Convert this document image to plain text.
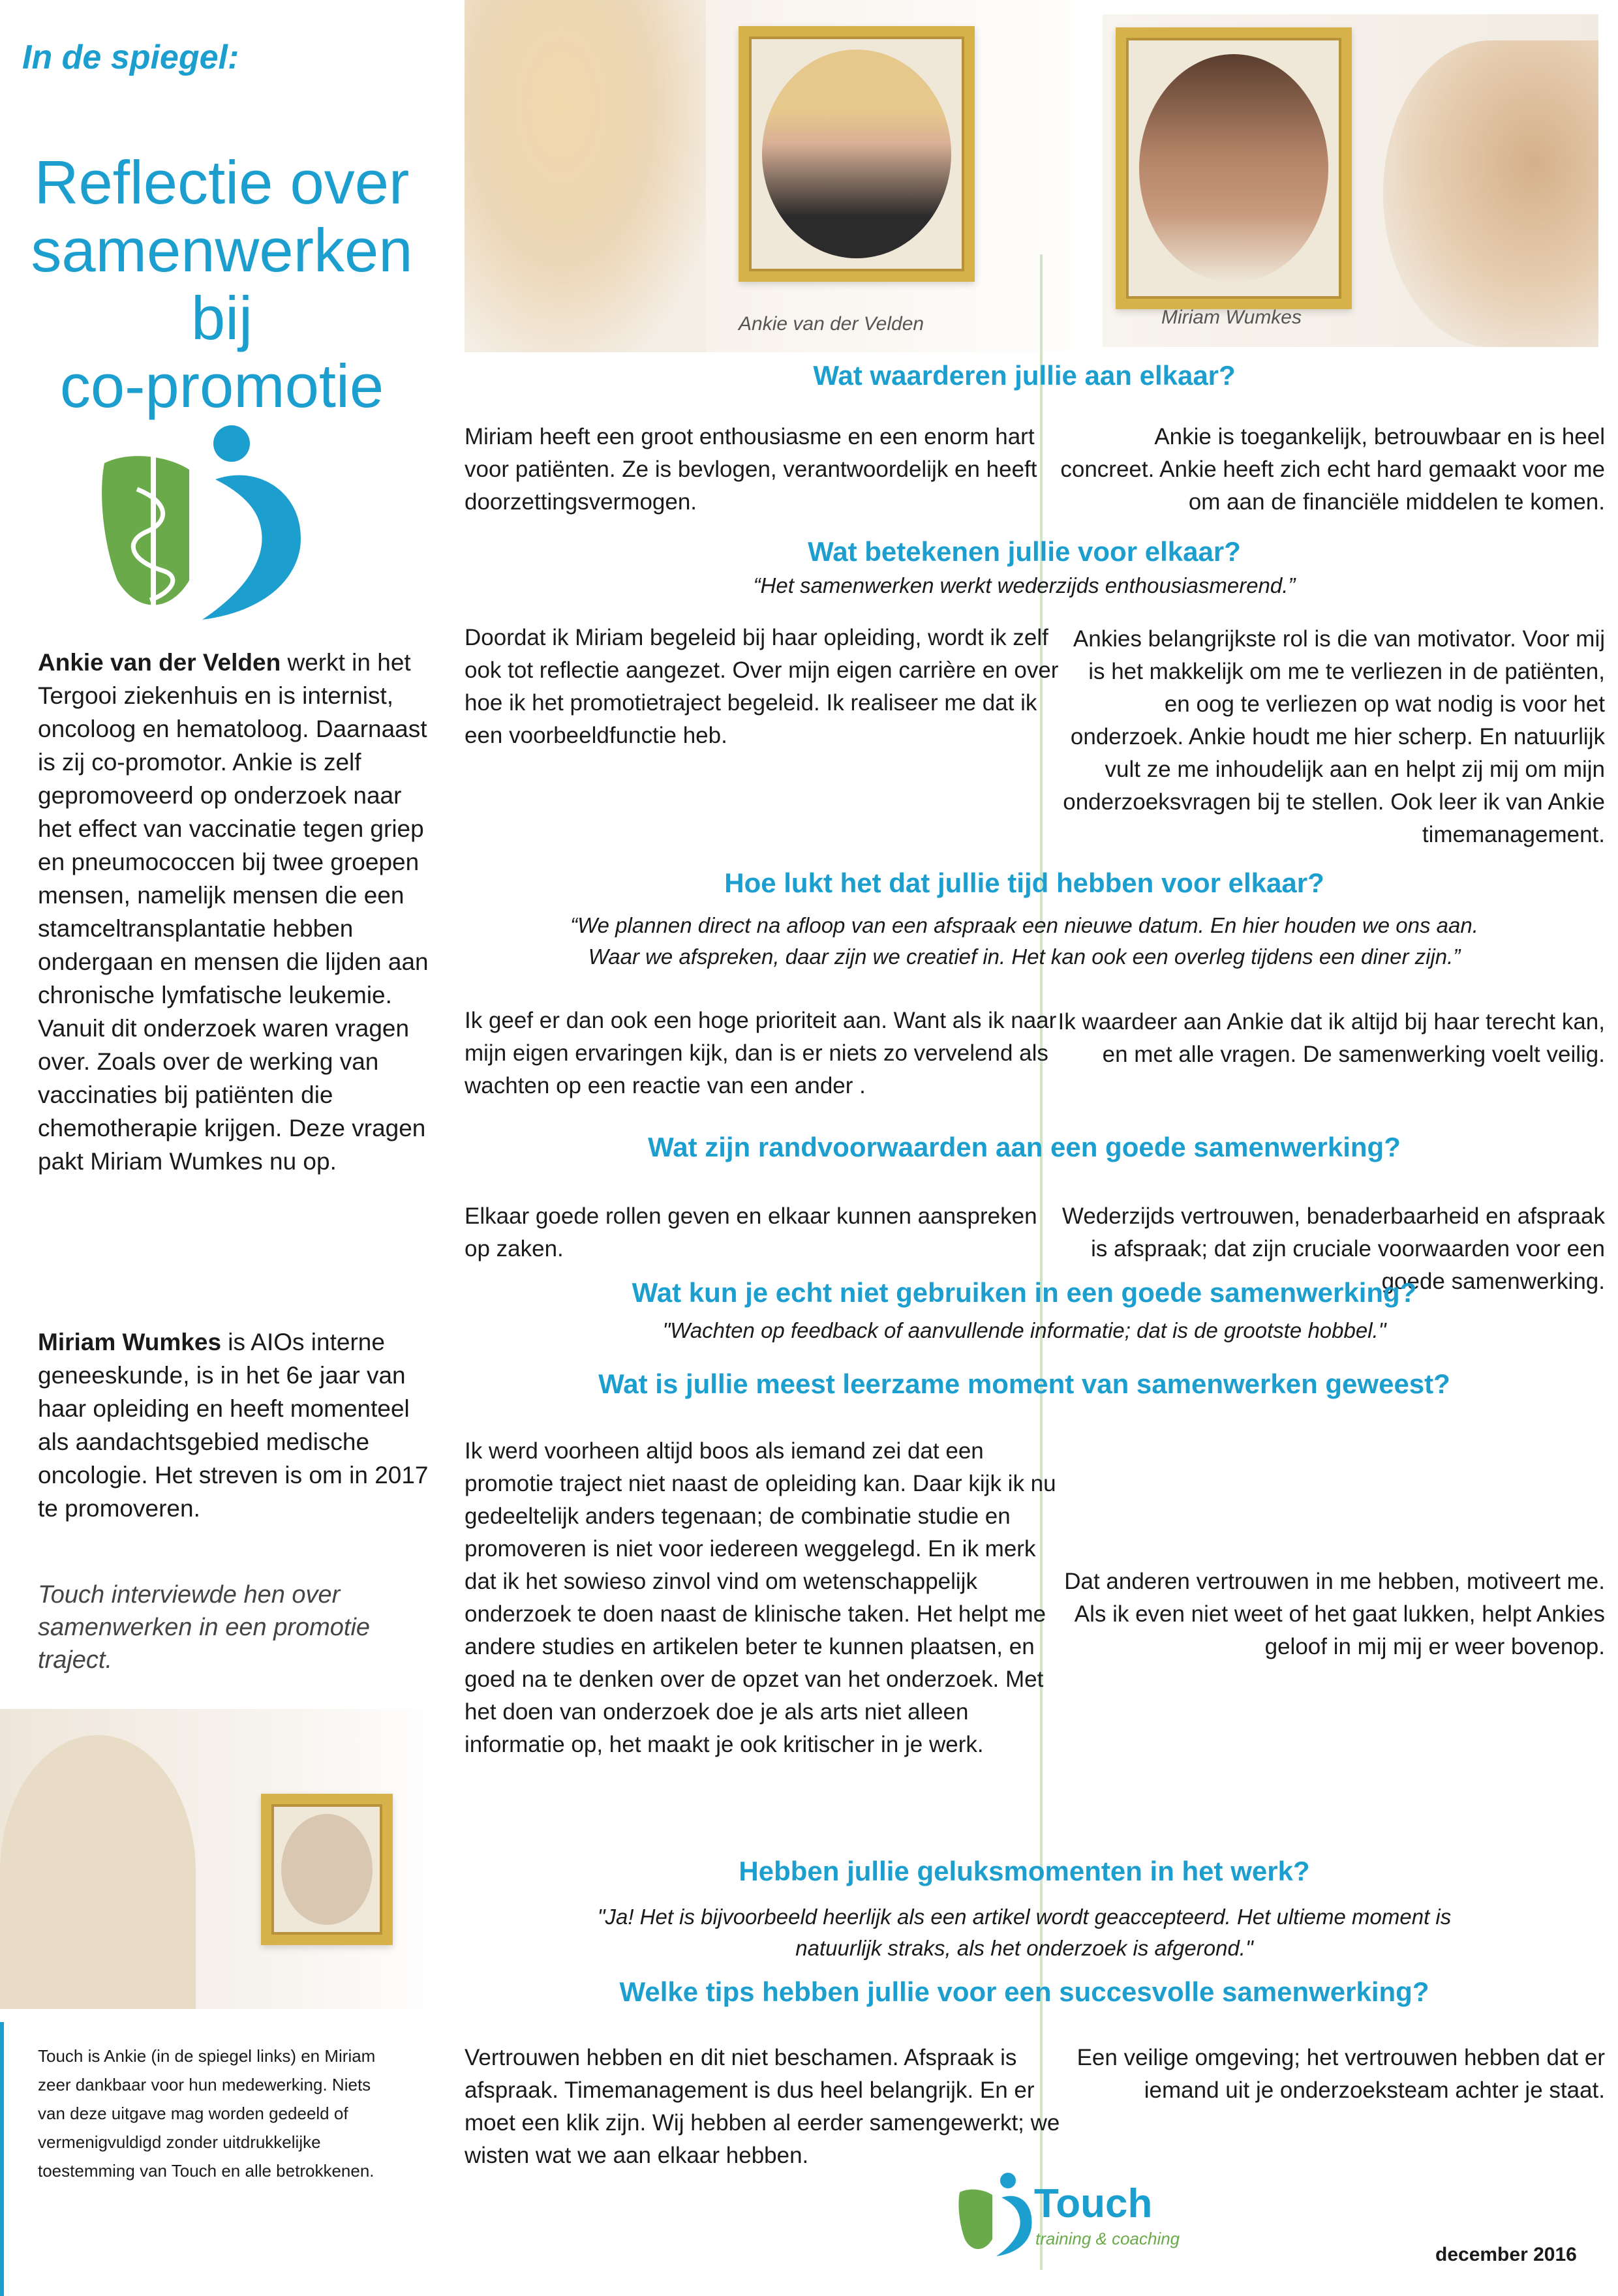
In de spiegel:
Reflectie over
samenwerken
bij
co-promotie
Ankie van der Velden werkt in het Tergooi ziekenhuis en is internist, oncoloog en hematoloog. Daarnaast is zij co-promotor. Ankie is zelf gepromoveerd op onderzoek naar het effect van vaccinatie tegen griep en pneumococcen bij twee groepen mensen, namelijk mensen die een stamceltransplantatie hebben ondergaan en mensen die lijden aan chronische lymfatische leukemie. Vanuit dit onderzoek waren vragen over. Zoals over de werking van vaccinaties bij patiënten die chemotherapie krijgen. Deze vragen pakt Miriam Wumkes nu op.
Miriam Wumkes is AIOs interne geneeskunde, is in het 6e jaar van haar opleiding en heeft momenteel als aandachtsgebied medische oncologie. Het streven is om in 2017 te promoveren.
Touch interviewde hen over samenwerken in een promotie traject.
Touch is Ankie (in de spiegel links) en Miriam zeer dankbaar voor hun medewerking. Niets van deze uitgave mag worden gedeeld of vermenigvuldigd zonder uitdrukkelijke toestemming van Touch en alle betrokkenen.
Ankie van der Velden	Miriam Wumkes
Wat waarderen jullie aan elkaar?
Miriam heeft een groot enthousiasme en een enorm hart voor patiënten. Ze is bevlogen, verantwoordelijk en heeft doorzettingsvermogen.
Ankie is toegankelijk, betrouwbaar en is heel concreet. Ankie heeft zich echt hard gemaakt voor me om aan de financiële middelen te komen.
Wat betekenen jullie voor elkaar?
“Het samenwerken werkt wederzijds enthousiasmerend.”
Doordat ik Miriam begeleid bij haar opleiding, wordt ik zelf ook tot reflectie aangezet. Over mijn eigen carrière en over hoe ik het promotietraject begeleid. Ik realiseer me dat ik een voorbeeldfunctie heb.
Ankies belangrijkste rol is die van motivator. Voor mij is het makkelijk om me te verliezen in de patiënten, en oog te verliezen op wat nodig is voor het onderzoek. Ankie houdt me hier scherp. En natuurlijk vult ze me inhoudelijk aan en helpt zij mij om mijn onderzoeksvragen bij te stellen. Ook leer ik van Ankie timemanagement.
Hoe lukt het dat jullie tijd hebben voor elkaar?
“We plannen direct na afloop van een afspraak een nieuwe datum. En hier houden we ons aan.
Waar we afspreken, daar zijn we creatief in. Het kan ook een overleg tijdens een diner zijn.”
Ik geef er dan ook een hoge prioriteit aan. Want als ik naar mijn eigen ervaringen kijk, dan is er niets zo vervelend als wachten op een reactie van een ander .
Ik waardeer aan Ankie dat ik altijd bij haar terecht kan, en met alle vragen. De samenwerking voelt veilig.
Wat zijn randvoorwaarden aan een goede samenwerking?
Elkaar goede rollen geven en elkaar kunnen aanspreken op zaken.
Wederzijds vertrouwen, benaderbaarheid en afspraak is afspraak; dat zijn cruciale voorwaarden voor een goede samenwerking.
Wat kun je echt niet gebruiken in een goede samenwerking?
"Wachten op feedback of aanvullende informatie; dat is de grootste hobbel."
Wat is jullie meest leerzame moment van samenwerken geweest?
Ik werd voorheen altijd boos als iemand zei dat een promotie traject niet naast de opleiding kan. Daar kijk ik nu gedeeltelijk anders tegenaan; de combinatie studie en promoveren is niet voor iedereen weggelegd. En ik merk dat ik het sowieso zinvol vind om wetenschappelijk onderzoek te doen naast de klinische taken. Het helpt me andere studies en artikelen beter te kunnen plaatsen, en goed na te denken over de opzet van het onderzoek. Met het doen van onderzoek doe je als arts niet alleen informatie op, het maakt je ook kritischer in je werk.
Dat anderen vertrouwen in me hebben, motiveert me. Als ik even niet weet of het gaat lukken, helpt Ankies geloof in mij mij er weer bovenop.
Hebben jullie geluksmomenten in het werk?
"Ja! Het is bijvoorbeeld heerlijk als een artikel wordt geaccepteerd. Het ultieme moment is
natuurlijk straks, als het onderzoek is afgerond."
Welke tips hebben jullie voor een succesvolle samenwerking?
Vertrouwen hebben en dit niet beschamen. Afspraak is afspraak. Timemanagement is dus heel belangrijk. En er moet een klik zijn. Wij hebben al eerder samengewerkt; we wisten wat we aan elkaar hebben.
Een veilige omgeving; het vertrouwen hebben dat er iemand uit je onderzoeksteam achter je staat.
Touch
training & coaching
december 2016
